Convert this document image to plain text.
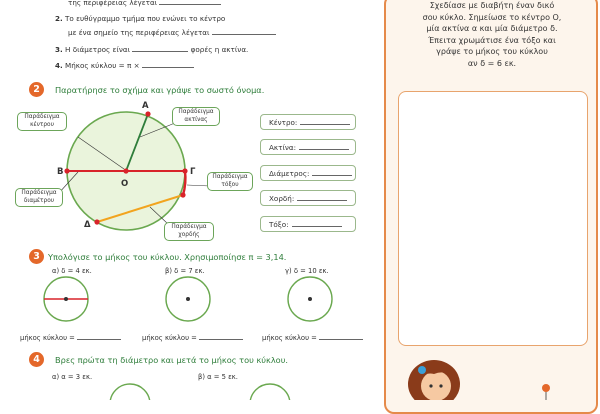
της περιφέρειας λέγεται
2. Το ευθύγραμμο τμήμα που ενώνει το κέντρο
με ένα σημείο της περιφέρειας λέγεται
3. Η διάμετρος είναι	φορές η ακτίνα.
4. Μήκος κύκλου = π ×
2	Παρατήρησε το σχήμα και γράψε το σωστό όνομα.
Α
Β	Γ
Ο
Δ
Παράδειγμα
κέντρου
Παράδειγμα
ακτίνας
Παράδειγμα
διαμέτρου
Παράδειγμα
τόξου
Παράδειγμα
χορδής
Κέντρο:
Ακτίνα:
Διάμετρος:
Χορδή:
Τόξο:
3 Υπολόγισε το μήκος του κύκλου. Χρησιμοποίησε π = 3,14.
α) δ = 4 εκ.	β) δ = 7 εκ.	γ) δ = 10 εκ.
μήκος κύκλου =	μήκος κύκλου =	μήκος κύκλου =
4	Βρες πρώτα τη διάμετρο και μετά το μήκος του κύκλου.
α) α = 3 εκ.	β) α = 5 εκ.
Σχεδίασε με διαβήτη έναν δικό
σου κύκλο. Σημείωσε το κέντρο Ο,
μία ακτίνα α και μία διάμετρο δ.
Έπειτα χρωμάτισε ένα τόξο και
γράψε το μήκος του κύκλου
αν δ = 6 εκ.
